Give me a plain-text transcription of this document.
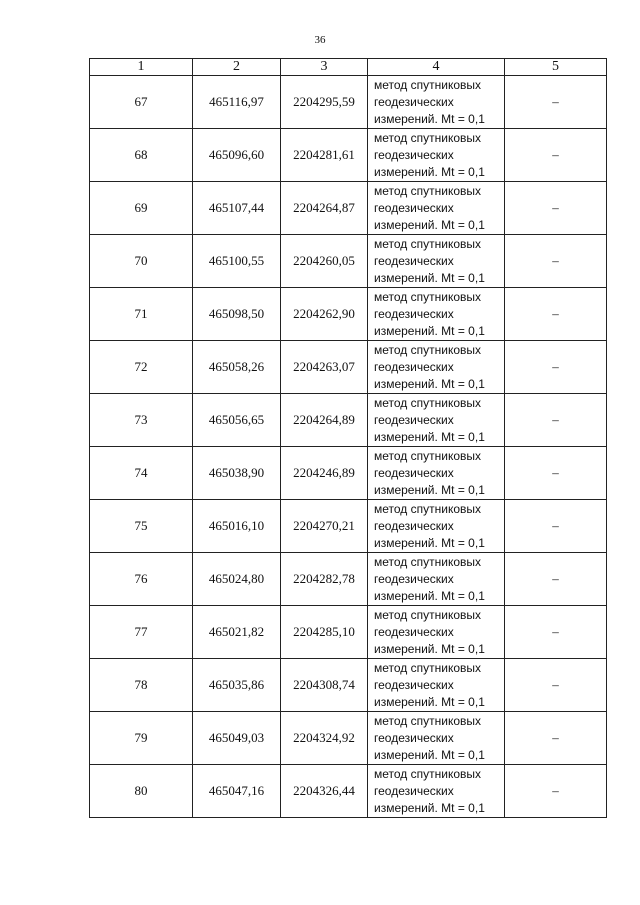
36
1	2	3	4	5
67	465116,97	2204295,59	метод спутниковых
геодезических
измерений. Mt = 0,1	–
68	465096,60	2204281,61	метод спутниковых
геодезических
измерений. Mt = 0,1	–
69	465107,44	2204264,87	метод спутниковых
геодезических
измерений. Mt = 0,1	–
70	465100,55	2204260,05	метод спутниковых
геодезических
измерений. Mt = 0,1	–
71	465098,50	2204262,90	метод спутниковых
геодезических
измерений. Mt = 0,1	–
72	465058,26	2204263,07	метод спутниковых
геодезических
измерений. Mt = 0,1	–
73	465056,65	2204264,89	метод спутниковых
геодезических
измерений. Mt = 0,1	–
74	465038,90	2204246,89	метод спутниковых
геодезических
измерений. Mt = 0,1	–
75	465016,10	2204270,21	метод спутниковых
геодезических
измерений. Mt = 0,1	–
76	465024,80	2204282,78	метод спутниковых
геодезических
измерений. Mt = 0,1	–
77	465021,82	2204285,10	метод спутниковых
геодезических
измерений. Mt = 0,1	–
78	465035,86	2204308,74	метод спутниковых
геодезических
измерений. Mt = 0,1	–
79	465049,03	2204324,92	метод спутниковых
геодезических
измерений. Mt = 0,1	–
80	465047,16	2204326,44	метод спутниковых
геодезических
измерений. Mt = 0,1	–
